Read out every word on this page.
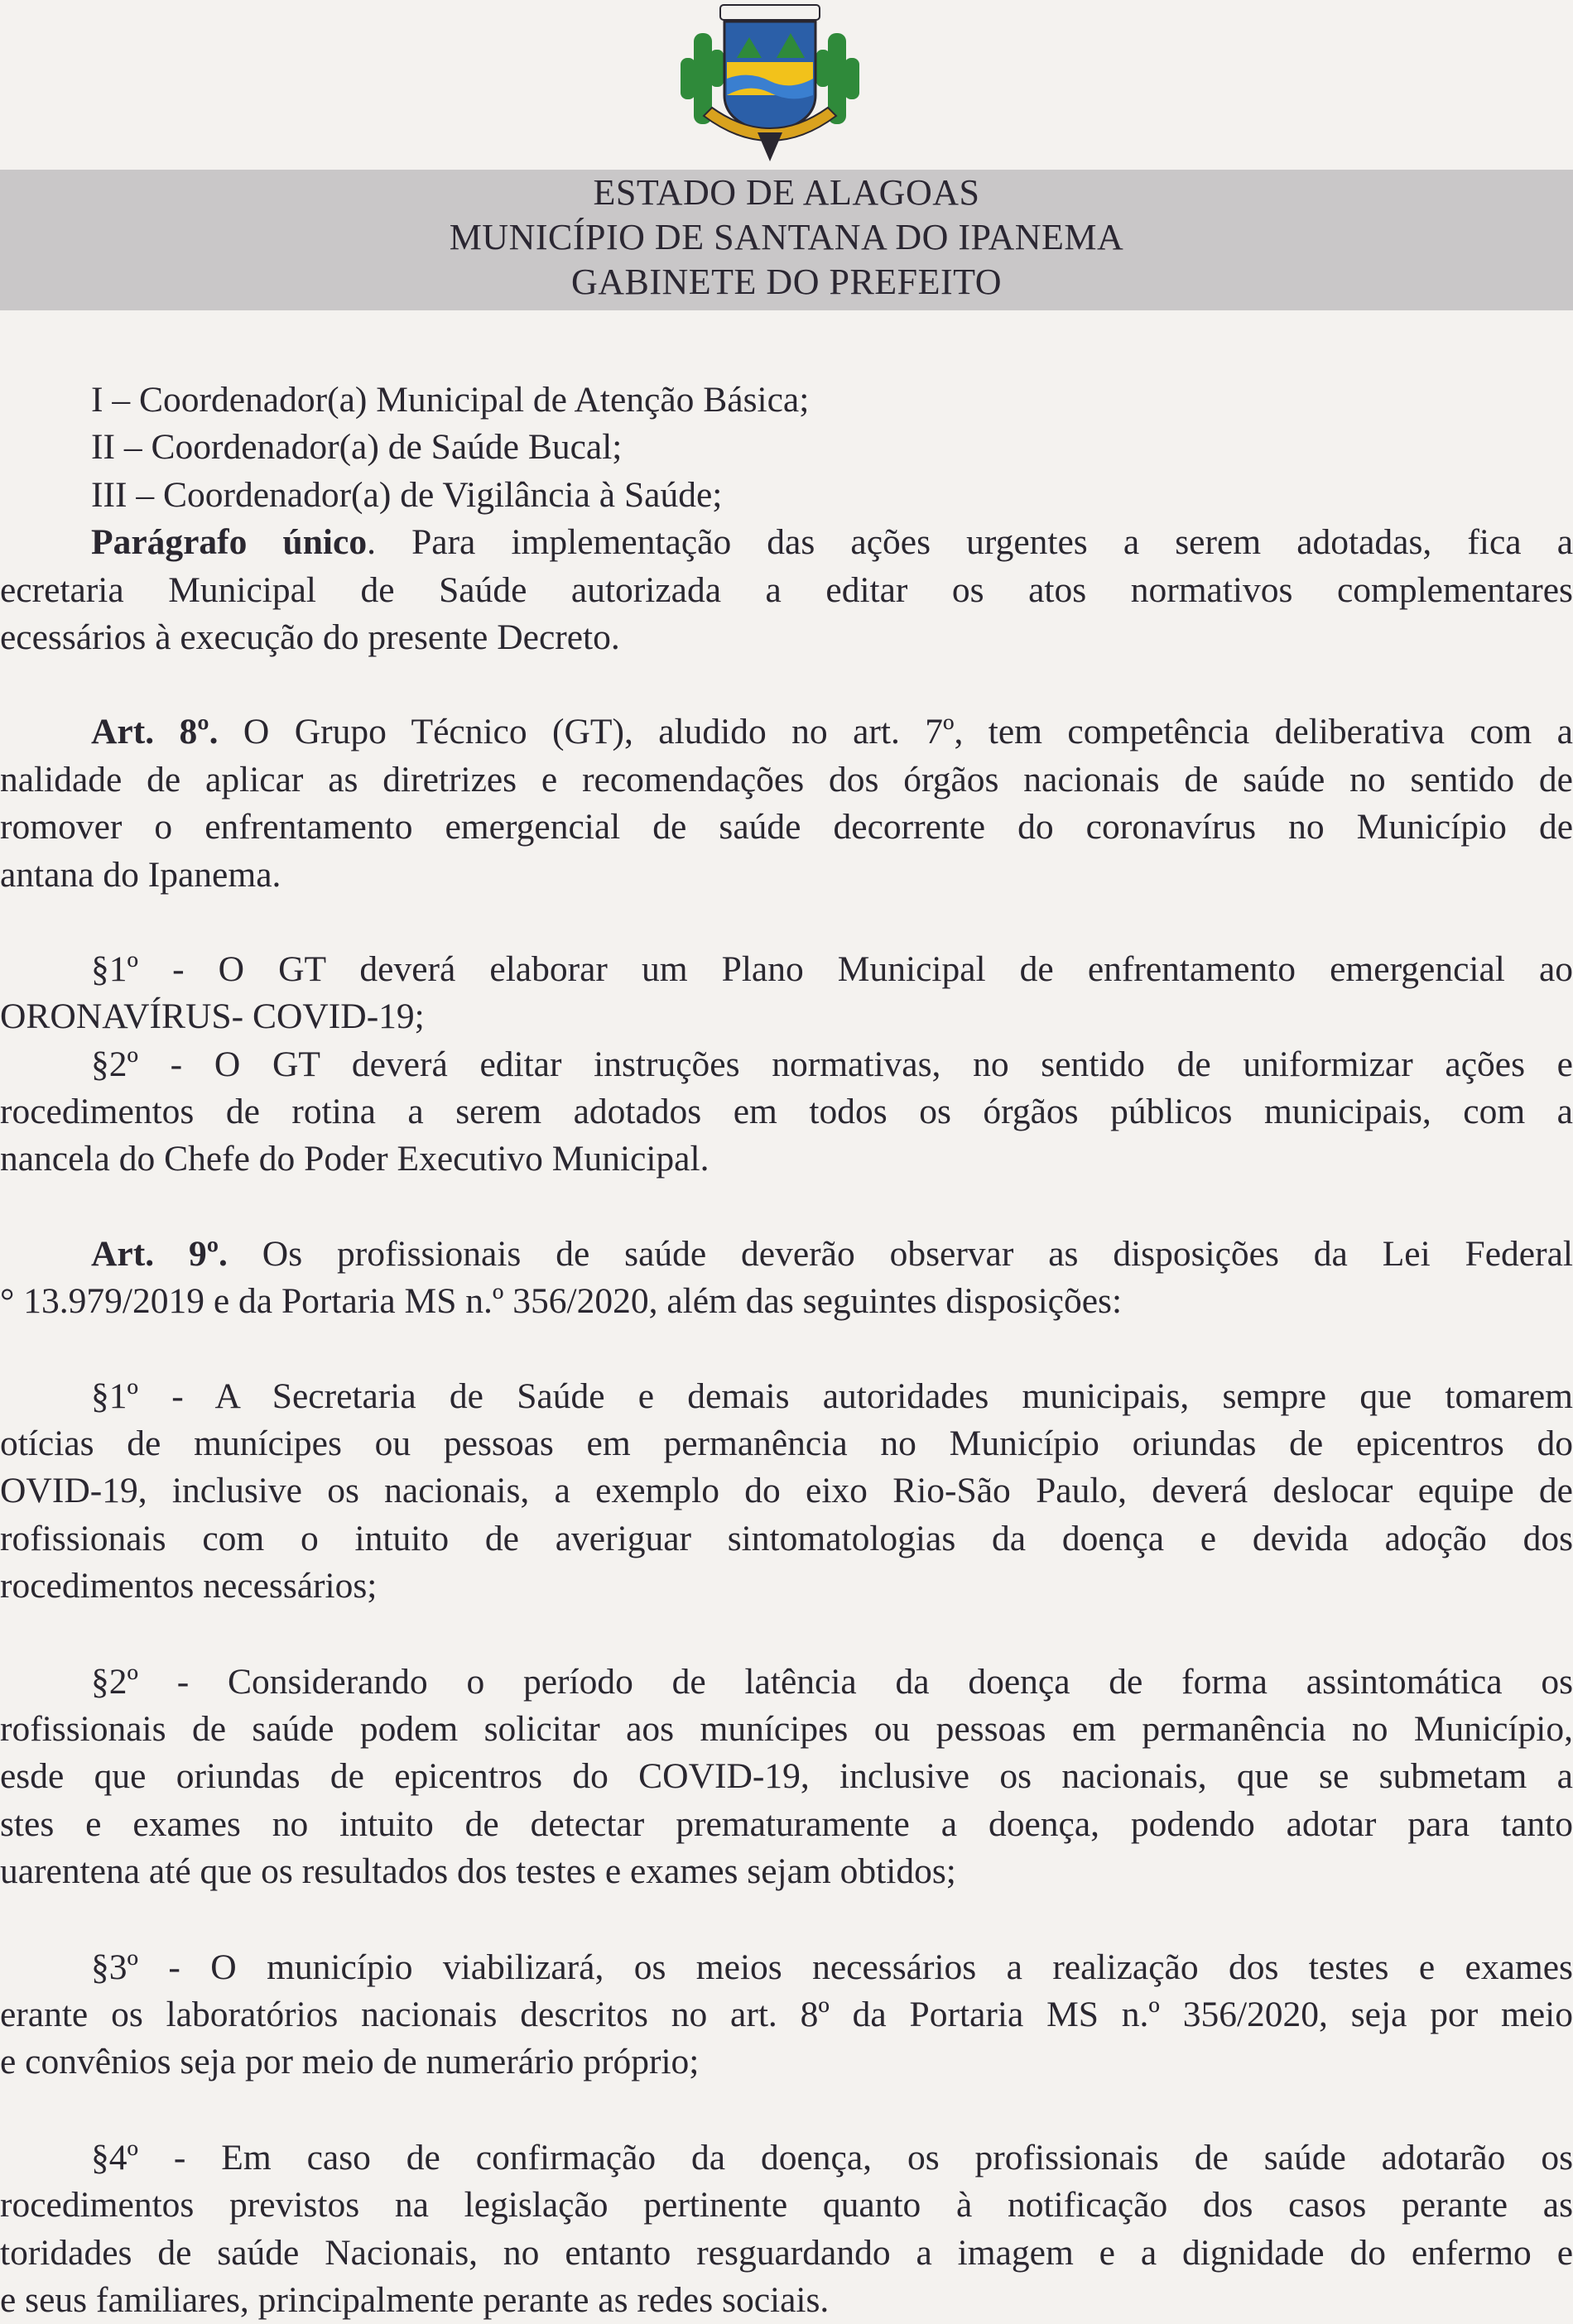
ESTADO DE ALAGOAS
MUNICÍPIO DE SANTANA DO IPANEMA
GABINETE DO PREFEITO
I – Coordenador(a) Municipal de Atenção Básica;
II – Coordenador(a) de Saúde Bucal;
III – Coordenador(a) de Vigilância à Saúde;
Parágrafo único. Para implementação das ações urgentes a serem adotadas, fica a
ecretaria Municipal de Saúde autorizada a editar os atos normativos complementares
ecessários à execução do presente Decreto.
Art. 8º. O Grupo Técnico (GT), aludido no art. 7º, tem competência deliberativa com a
nalidade de aplicar as diretrizes e recomendações dos órgãos nacionais de saúde no sentido de
romover o enfrentamento emergencial de saúde decorrente do coronavírus no Município de
antana do Ipanema.
§1º - O GT deverá elaborar um Plano Municipal de enfrentamento emergencial ao
ORONAVÍRUS- COVID-19;
§2º - O GT deverá editar instruções normativas, no sentido de uniformizar ações e
rocedimentos de rotina a serem adotados em todos os órgãos públicos municipais, com a
nancela do Chefe do Poder Executivo Municipal.
Art. 9º. Os profissionais de saúde deverão observar as disposições da Lei Federal
° 13.979/2019 e da Portaria MS n.º 356/2020, além das seguintes disposições:
§1º - A Secretaria de Saúde e demais autoridades municipais, sempre que tomarem
otícias de munícipes ou pessoas em permanência no Município oriundas de epicentros do
OVID-19, inclusive os nacionais, a exemplo do eixo Rio-São Paulo, deverá deslocar equipe de
rofissionais com o intuito de averiguar sintomatologias da doença e devida adoção dos
rocedimentos necessários;
§2º - Considerando o período de latência da doença de forma assintomática os
rofissionais de saúde podem solicitar aos munícipes ou pessoas em permanência no Município,
esde que oriundas de epicentros do COVID-19, inclusive os nacionais, que se submetam a
stes e exames no intuito de detectar prematuramente a doença, podendo adotar para tanto
uarentena até que os resultados dos testes e exames sejam obtidos;
§3º - O município viabilizará, os meios necessários a realização dos testes e exames
erante os laboratórios nacionais descritos no art. 8º da Portaria MS n.º 356/2020, seja por meio
e convênios seja por meio de numerário próprio;
§4º - Em caso de confirmação da doença, os profissionais de saúde adotarão os
rocedimentos previstos na legislação pertinente quanto à notificação dos casos perante as
toridades de saúde Nacionais, no entanto resguardando a imagem e a dignidade do enfermo e
e seus familiares, principalmente perante as redes sociais.
